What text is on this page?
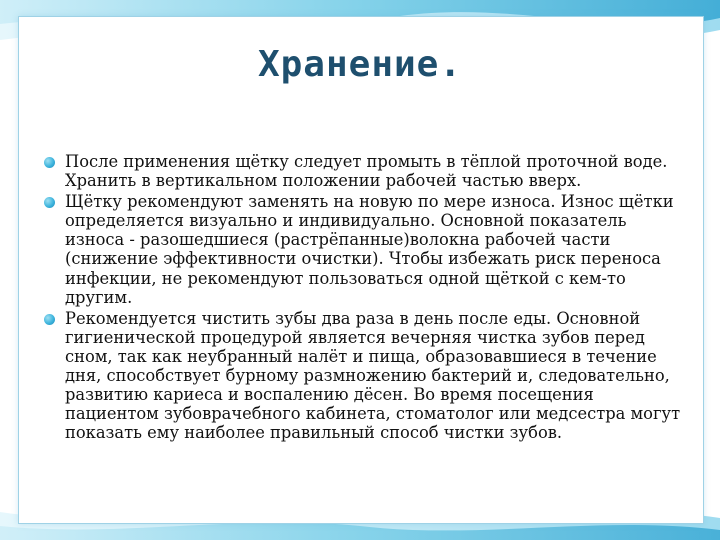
Хранение.
После применения щётку следует промыть в тёплой проточной воде. Хранить в вертикальном положении рабочей частью вверх.
Щётку рекомендуют заменять на новую по мере износа. Износ щётки определяется визуально и индивидуально. Основной показатель износа - разошедшиеся (растрёпанные)волокна рабочей части (снижение эффективности очистки). Чтобы избежать риск переноса инфекции, не рекомендуют пользоваться одной щёткой с кем-то другим.
Рекомендуется чистить зубы два раза в день после еды. Основной гигиенической процедурой является вечерняя чистка зубов перед сном, так как неубранный налёт и пища, образовавшиеся в течение дня, способствует бурному размножению бактерий и, следовательно, развитию кариеса и воспалению дёсен. Во время посещения пациентом зубоврачебного кабинета, стоматолог или медсестра могут показать ему наиболее правильный способ чистки зубов.
